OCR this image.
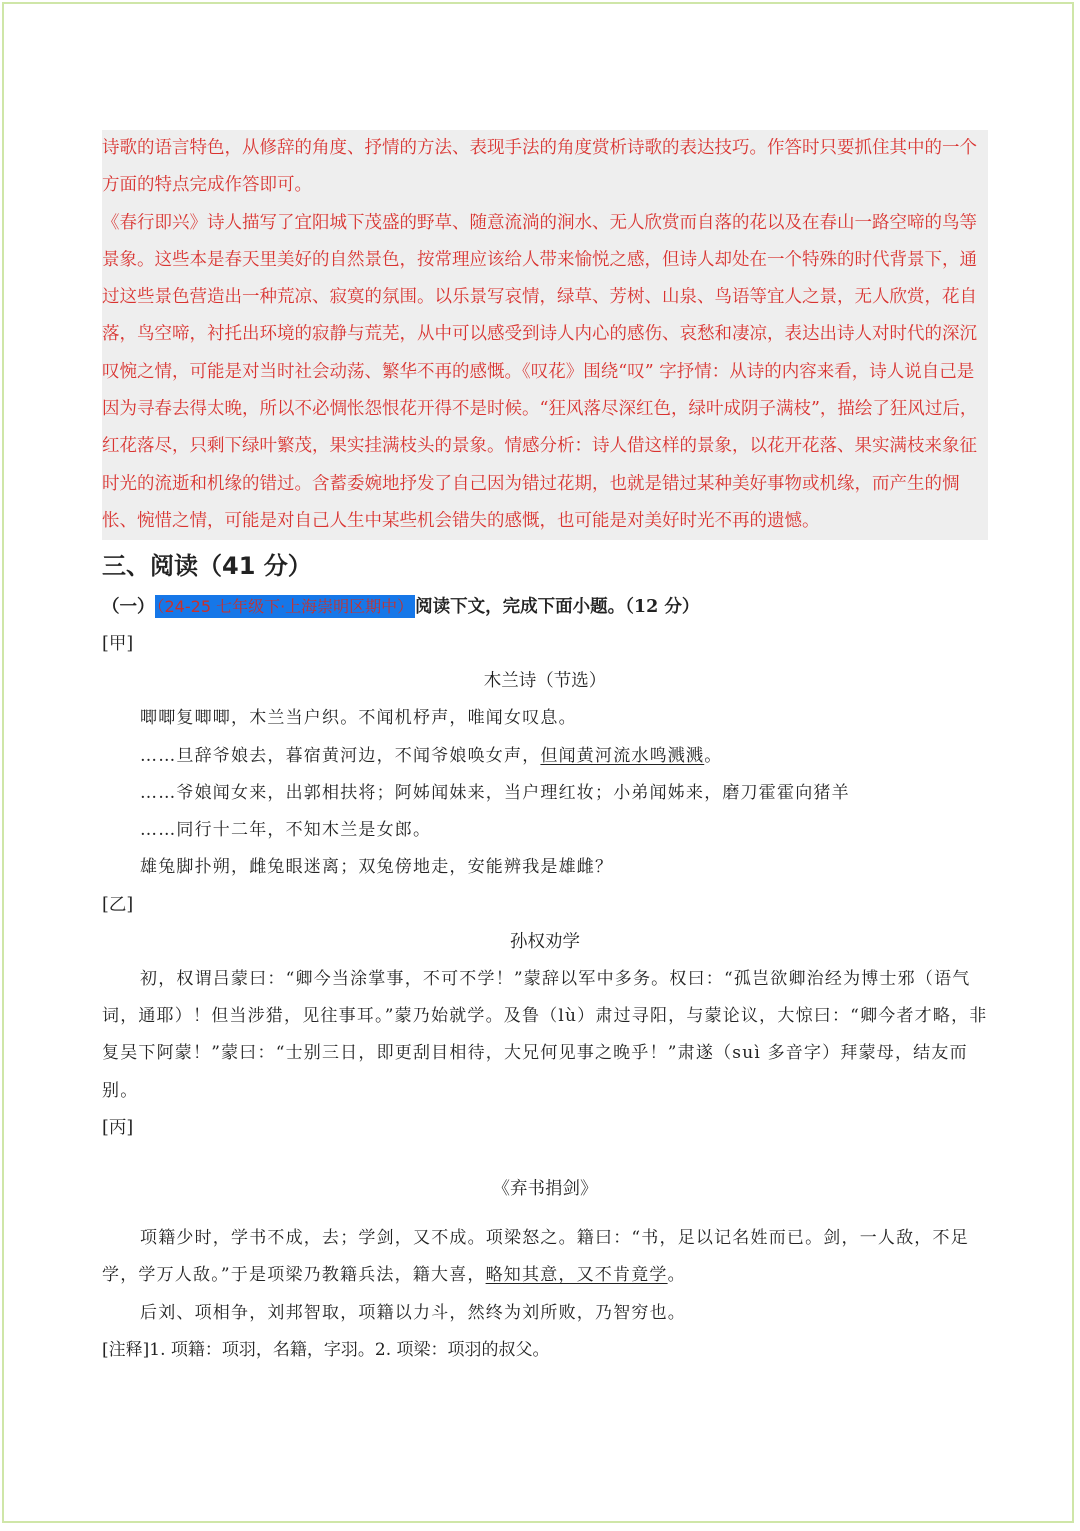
诗歌的语言特色，从修辞的角度、抒情的方法、表现手法的角度赏析诗歌的表达技巧。作答时只要抓住其中的一个方面的特点完成作答即可。

《春行即兴》诗人描写了宜阳城下茂盛的野草、随意流淌的涧水、无人欣赏而自落的花以及在春山一路空啼的鸟等景象。这些本是春天里美好的自然景色，按常理应该给人带来愉悦之感，但诗人却处在一个特殊的时代背景下，通过这些景色营造出一种荒凉、寂寞的氛围。以乐景写哀情，绿草、芳树、山泉、鸟语等宜人之景，无人欣赏，花自落，鸟空啼，衬托出环境的寂静与荒芜，从中可以感受到诗人内心的感伤、哀愁和凄凉，表达出诗人对时代的深沉叹惋之情，可能是对当时社会动荡、繁华不再的感慨。《叹花》围绕“叹” 字抒情：从诗的内容来看，诗人说自己是因为寻春去得太晚，所以不必惆怅怨恨花开得不是时候。“狂风落尽深红色，绿叶成阴子满枝”，描绘了狂风过后，红花落尽，只剩下绿叶繁茂，果实挂满枝头的景象。情感分析：诗人借这样的景象，以花开花落、果实满枝来象征时光的流逝和机缘的错过。含蓄委婉地抒发了自己因为错过花期，也就是错过某种美好事物或机缘，而产生的惆怅、惋惜之情，可能是对自己人生中某些机会错失的感慨，也可能是对美好时光不再的遗憾。

三、阅读（41 分）
（一） （24-25 七年级下·上海崇明区期中） 阅读下文，完成下面小题。（12 分）
[甲]
木兰诗（节选）

唧唧复唧唧，木兰当户织。不闻机杼声，唯闻女叹息。

……旦辞爷娘去，暮宿黄河边，不闻爷娘唤女声，但闻黄河流水鸣溅溅。

……爷娘闻女来，出郭相扶将；阿姊闻妹来，当户理红妆；小弟闻姊来，磨刀霍霍向猪羊

……同行十二年，不知木兰是女郎。

雄兔脚扑朔，雌兔眼迷离；双兔傍地走，安能辨我是雄雌？

[乙]
孙权劝学

初，权谓吕蒙曰：“卿今当涂掌事，不可不学！”蒙辞以军中多务。权曰：“孤岂欲卿治经为博士邪（语气词，通耶）！但当涉猎，见往事耳。”蒙乃始就学。及鲁（lù）肃过寻阳，与蒙论议，大惊曰：“卿今者才略，非复吴下阿蒙！”蒙曰：“士别三日，即更刮目相待，大兄何见事之晚乎！”肃遂（suì 多音字）拜蒙母，结友而别。

[丙]
《弃书捐剑》

项籍少时，学书不成，去；学剑，又不成。项梁怒之。籍曰：“书，足以记名姓而已。剑，一人敌，不足学，学万人敌。”于是项梁乃教籍兵法，籍大喜，略知其意，又不肯竟学。

后刘、项相争，刘邦智取，项籍以力斗，然终为刘所败，乃智穷也。

[注释]1. 项籍：项羽，名籍，字羽。2. 项梁：项羽的叔父。
